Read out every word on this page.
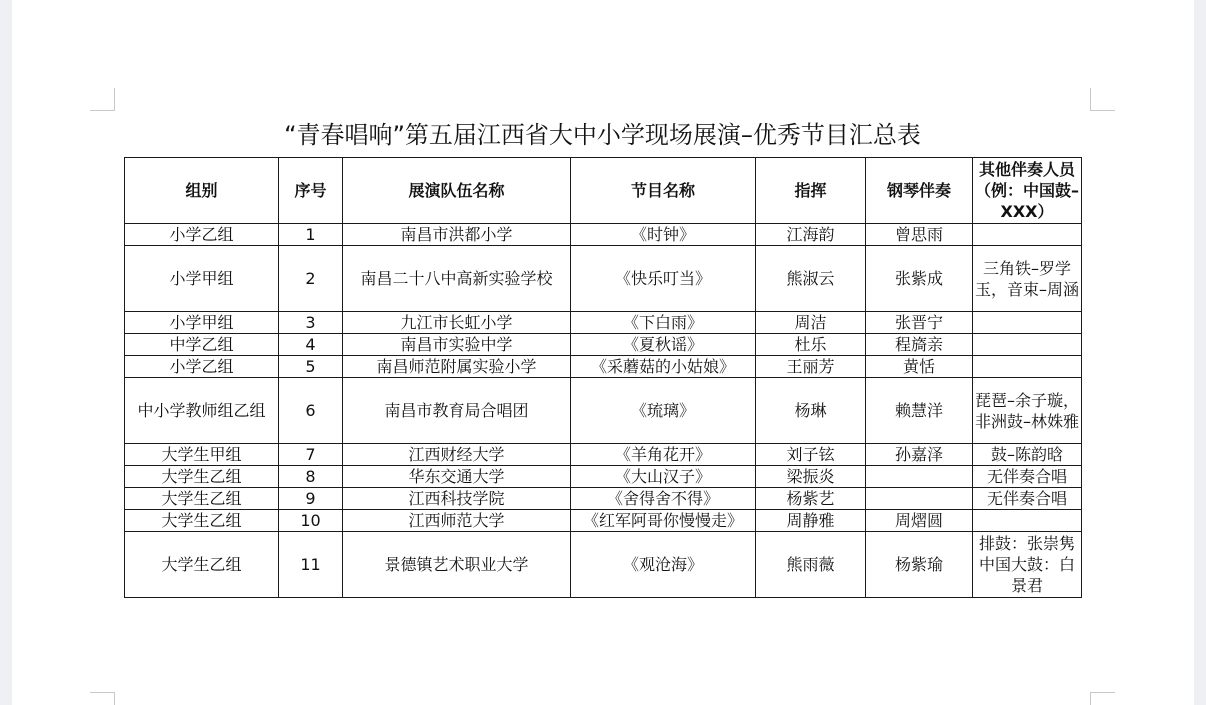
“青春唱响”第五届江西省大中小学现场展演–优秀节目汇总表
组别	序号	展演队伍名称	节目名称	指挥	钢琴伴奏	其他伴奏人员（例：中国鼓–XXX）
小学乙组	1	南昌市洪都小学	《时钟》	江海韵	曾思雨	
小学甲组	2	南昌二十八中高新实验学校	《快乐叮当》	熊淑云	张紫成	三角铁–罗学玉，音束–周涵
小学甲组	3	九江市长虹小学	《下白雨》	周洁	张晋宁	
中学乙组	4	南昌市实验中学	《夏秋谣》	杜乐	程旖亲	
小学乙组	5	南昌师范附属实验小学	《采蘑菇的小姑娘》	王丽芳	黄恬	
中小学教师组乙组	6	南昌市教育局合唱团	《琉璃》	杨琳	赖慧洋	琵琶–余子璇，非洲鼓–林姝雅
大学生甲组	7	江西财经大学	《羊角花开》	刘子铉	孙嘉泽	鼓–陈韵晗
大学生乙组	8	华东交通大学	《大山汉子》	梁振炎		无伴奏合唱
大学生乙组	9	江西科技学院	《舍得舍不得》	杨紫艺		无伴奏合唱
大学生乙组	10	江西师范大学	《红军阿哥你慢慢走》	周静雅	周熠圆	
大学生乙组	11	景德镇艺术职业大学	《观沧海》	熊雨薇	杨紫瑜	排鼓：张崇隽中国大鼓：白景君
